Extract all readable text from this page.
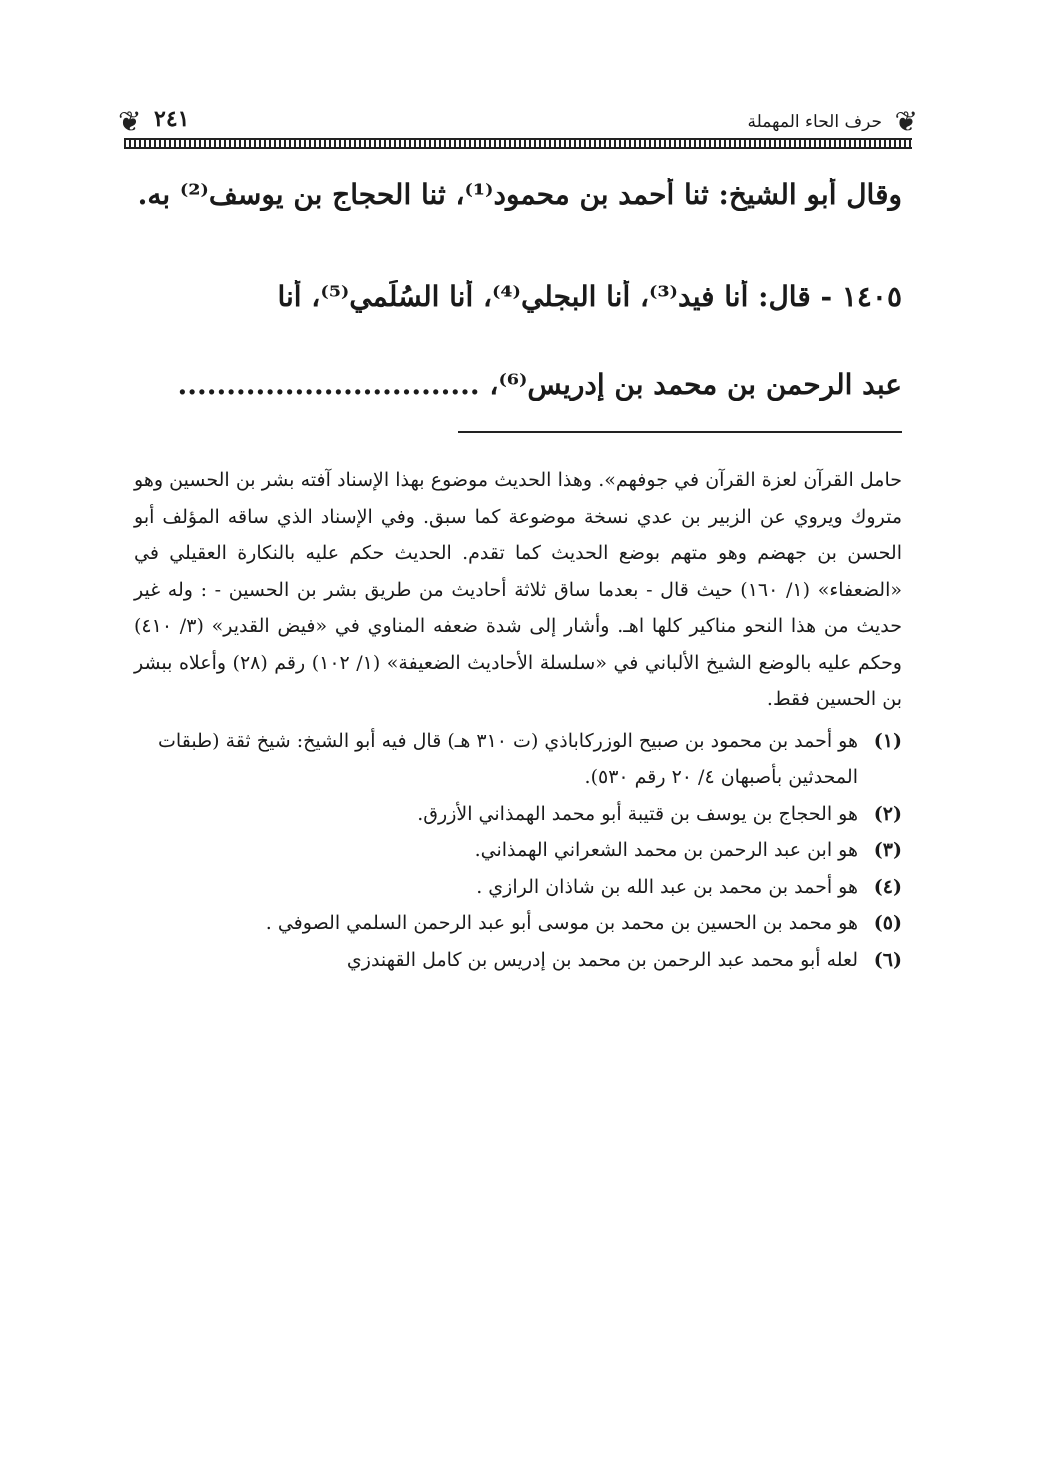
❦
حرف الحاء المهملة
٢٤١
❦

وقال أبو الشيخ: ثنا أحمد بن محمود⁽¹⁾، ثنا الحجاج بن يوسف⁽²⁾ به.

١٤٠٥ - قال: أنا فيد⁽³⁾، أنا البجلي⁽⁴⁾، أنا السُلَمي⁽⁵⁾، أنا

عبد الرحمن بن محمد بن إدريس⁽⁶⁾، ...............................

حامل القرآن لعزة القرآن في جوفهم». وهذا الحديث موضوع بهذا الإسناد آفته بشر بن الحسين وهو متروك ويروي عن الزبير بن عدي نسخة موضوعة كما سبق. وفي الإسناد الذي ساقه المؤلف أبو الحسن بن جهضم وهو متهم بوضع الحديث كما تقدم. الحديث حكم عليه بالنكارة العقيلي في «الضعفاء» (١/ ١٦٠) حيث قال - بعدما ساق ثلاثة أحاديث من طريق بشر بن الحسين - : وله غير حديث من هذا النحو مناكير كلها اهـ. وأشار إلى شدة ضعفه المناوي في «فيض القدير» (٣/ ٤١٠) وحكم عليه بالوضع الشيخ الألباني في «سلسلة الأحاديث الضعيفة» (١/ ١٠٢) رقم (٢٨) وأعلاه ببشر بن الحسين فقط.

(١)
هو أحمد بن محمود بن صبيح الوزركاباذي (ت ٣١٠ هـ) قال فيه أبو الشيخ: شيخ ثقة (طبقات المحدثين بأصبهان ٤/ ٢٠ رقم ٥٣٠).
(٢)
هو الحجاج بن يوسف بن قتيبة أبو محمد الهمذاني الأزرق.
(٣)
هو ابن عبد الرحمن بن محمد الشعراني الهمذاني.
(٤)
هو أحمد بن محمد بن عبد الله بن شاذان الرازي .
(٥)
هو محمد بن الحسين بن محمد بن موسى أبو عبد الرحمن السلمي الصوفي .
(٦)
لعله أبو محمد عبد الرحمن بن محمد بن إدريس بن كامل القهندزي
